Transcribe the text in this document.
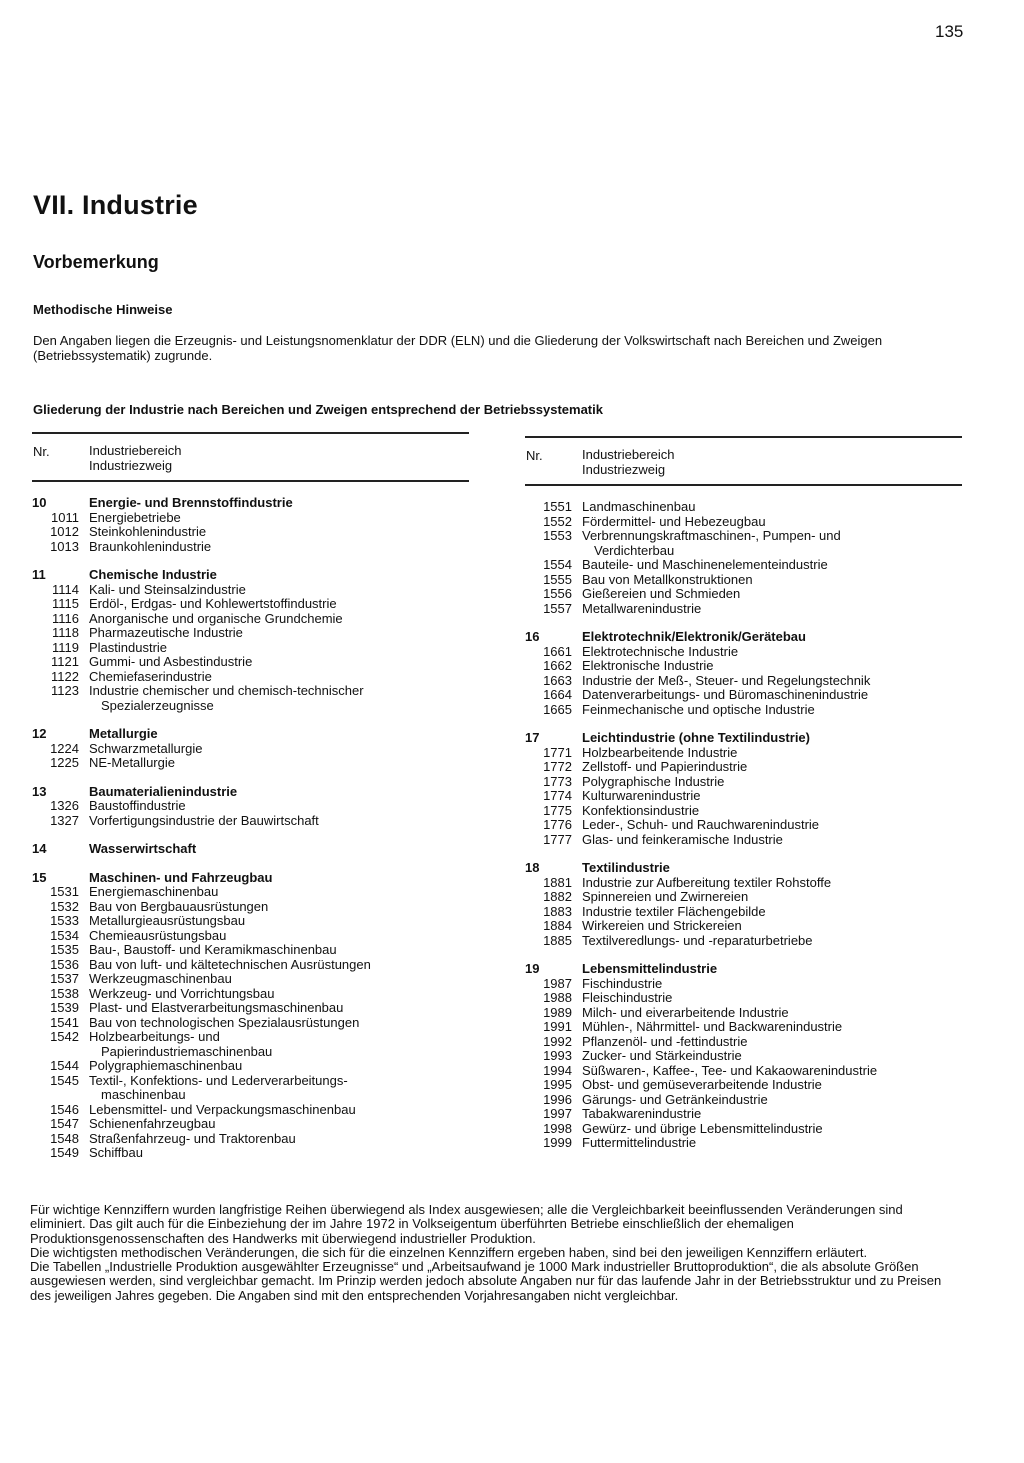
135
VII. Industrie
Vorbemerkung
Methodische Hinweise
Den Angaben liegen die Erzeugnis- und Leistungsnomenklatur der DDR (ELN) und die Gliederung der Volkswirtschaft nach Bereichen und Zweigen (Betriebssystematik) zugrunde.
Gliederung der Industrie nach Bereichen und Zweigen entsprechend der Betriebssystematik
Nr.	Industriebereich
Industriezweig
10	Energie- und Brennstoffindustrie
1011 Energiebetriebe
1012 Steinkohlenindustrie
1013 Braunkohlenindustrie
11	Chemische Industrie
1114 Kali- und Steinsalzindustrie
1115 Erdöl-, Erdgas- und Kohlewertstoffindustrie
1116 Anorganische und organische Grundchemie
1118 Pharmazeutische Industrie
1119 Plastindustrie
1121 Gummi- und Asbestindustrie
1122 Chemiefaserindustrie
1123 Industrie chemischer und chemisch-technischer
Spezialerzeugnisse
12	Metallurgie
1224 Schwarzmetallurgie
1225 NE-Metallurgie
13	Baumaterialienindustrie
1326 Baustoffindustrie
1327 Vorfertigungsindustrie der Bauwirtschaft
14	Wasserwirtschaft
15	Maschinen- und Fahrzeugbau
1531 Energiemaschinenbau
1532 Bau von Bergbauausrüstungen
1533 Metallurgieausrüstungsbau
1534 Chemieausrüstungsbau
1535 Bau-, Baustoff- und Keramikmaschinenbau
1536 Bau von luft- und kältetechnischen Ausrüstungen
1537 Werkzeugmaschinenbau
1538 Werkzeug- und Vorrichtungsbau
1539 Plast- und Elastverarbeitungsmaschinenbau
1541 Bau von technologischen Spezialausrüstungen
1542 Holzbearbeitungs- und
Papierindustriemaschinenbau
1544 Polygraphiemaschinenbau
1545 Textil-, Konfektions- und Lederverarbeitungs-
maschinenbau
1546 Lebensmittel- und Verpackungsmaschinenbau
1547 Schienenfahrzeugbau
1548 Straßenfahrzeug- und Traktorenbau
1549 Schiffbau
Nr.	Industriebereich
Industriezweig
1551 Landmaschinenbau
1552 Fördermittel- und Hebezeugbau
1553 Verbrennungskraftmaschinen-, Pumpen- und
Verdichterbau
1554 Bauteile- und Maschinenelementeindustrie
1555 Bau von Metallkonstruktionen
1556 Gießereien und Schmieden
1557 Metallwarenindustrie
16	Elektrotechnik/Elektronik/Gerätebau
1661 Elektrotechnische Industrie
1662 Elektronische Industrie
1663 Industrie der Meß-, Steuer- und Regelungstechnik
1664 Datenverarbeitungs- und Büromaschinenindustrie
1665 Feinmechanische und optische Industrie
17	Leichtindustrie (ohne Textilindustrie)
1771 Holzbearbeitende Industrie
1772 Zellstoff- und Papierindustrie
1773 Polygraphische Industrie
1774 Kulturwarenindustrie
1775 Konfektionsindustrie
1776 Leder-, Schuh- und Rauchwarenindustrie
1777 Glas- und feinkeramische Industrie
18	Textilindustrie
1881 Industrie zur Aufbereitung textiler Rohstoffe
1882 Spinnereien und Zwirnereien
1883 Industrie textiler Flächengebilde
1884 Wirkereien und Strickereien
1885 Textilveredlungs- und -reparaturbetriebe
19	Lebensmittelindustrie
1987 Fischindustrie
1988 Fleischindustrie
1989 Milch- und eiverarbeitende Industrie
1991 Mühlen-, Nährmittel- und Backwarenindustrie
1992 Pflanzenöl- und -fettindustrie
1993 Zucker- und Stärkeindustrie
1994 Süßwaren-, Kaffee-, Tee- und Kakaowarenindustrie
1995 Obst- und gemüseverarbeitende Industrie
1996 Gärungs- und Getränkeindustrie
1997 Tabakwarenindustrie
1998 Gewürz- und übrige Lebensmittelindustrie
1999 Futtermittelindustrie

Für wichtige Kennziffern wurden langfristige Reihen überwiegend als Index ausgewiesen; alle die Vergleichbarkeit beeinflussenden Veränderungen sind eliminiert. Das gilt auch für die Einbeziehung der im Jahre 1972 in Volkseigentum überführten Betriebe einschließlich der ehemaligen Produktionsgenossenschaften des Handwerks mit überwiegend industrieller Produktion.

Die wichtigsten methodischen Veränderungen, die sich für die einzelnen Kennziffern ergeben haben, sind bei den jeweiligen Kennziffern erläutert.

Die Tabellen „Industrielle Produktion ausgewählter Erzeugnisse“ und „Arbeitsaufwand je 1000 Mark industrieller Bruttoproduktion“, die als absolute Größen ausgewiesen werden, sind vergleichbar gemacht. Im Prinzip werden jedoch absolute Angaben nur für das laufende Jahr in der Betriebsstruktur und zu Preisen des jeweiligen Jahres gegeben. Die Angaben sind mit den entsprechenden Vorjahresangaben nicht vergleichbar.
